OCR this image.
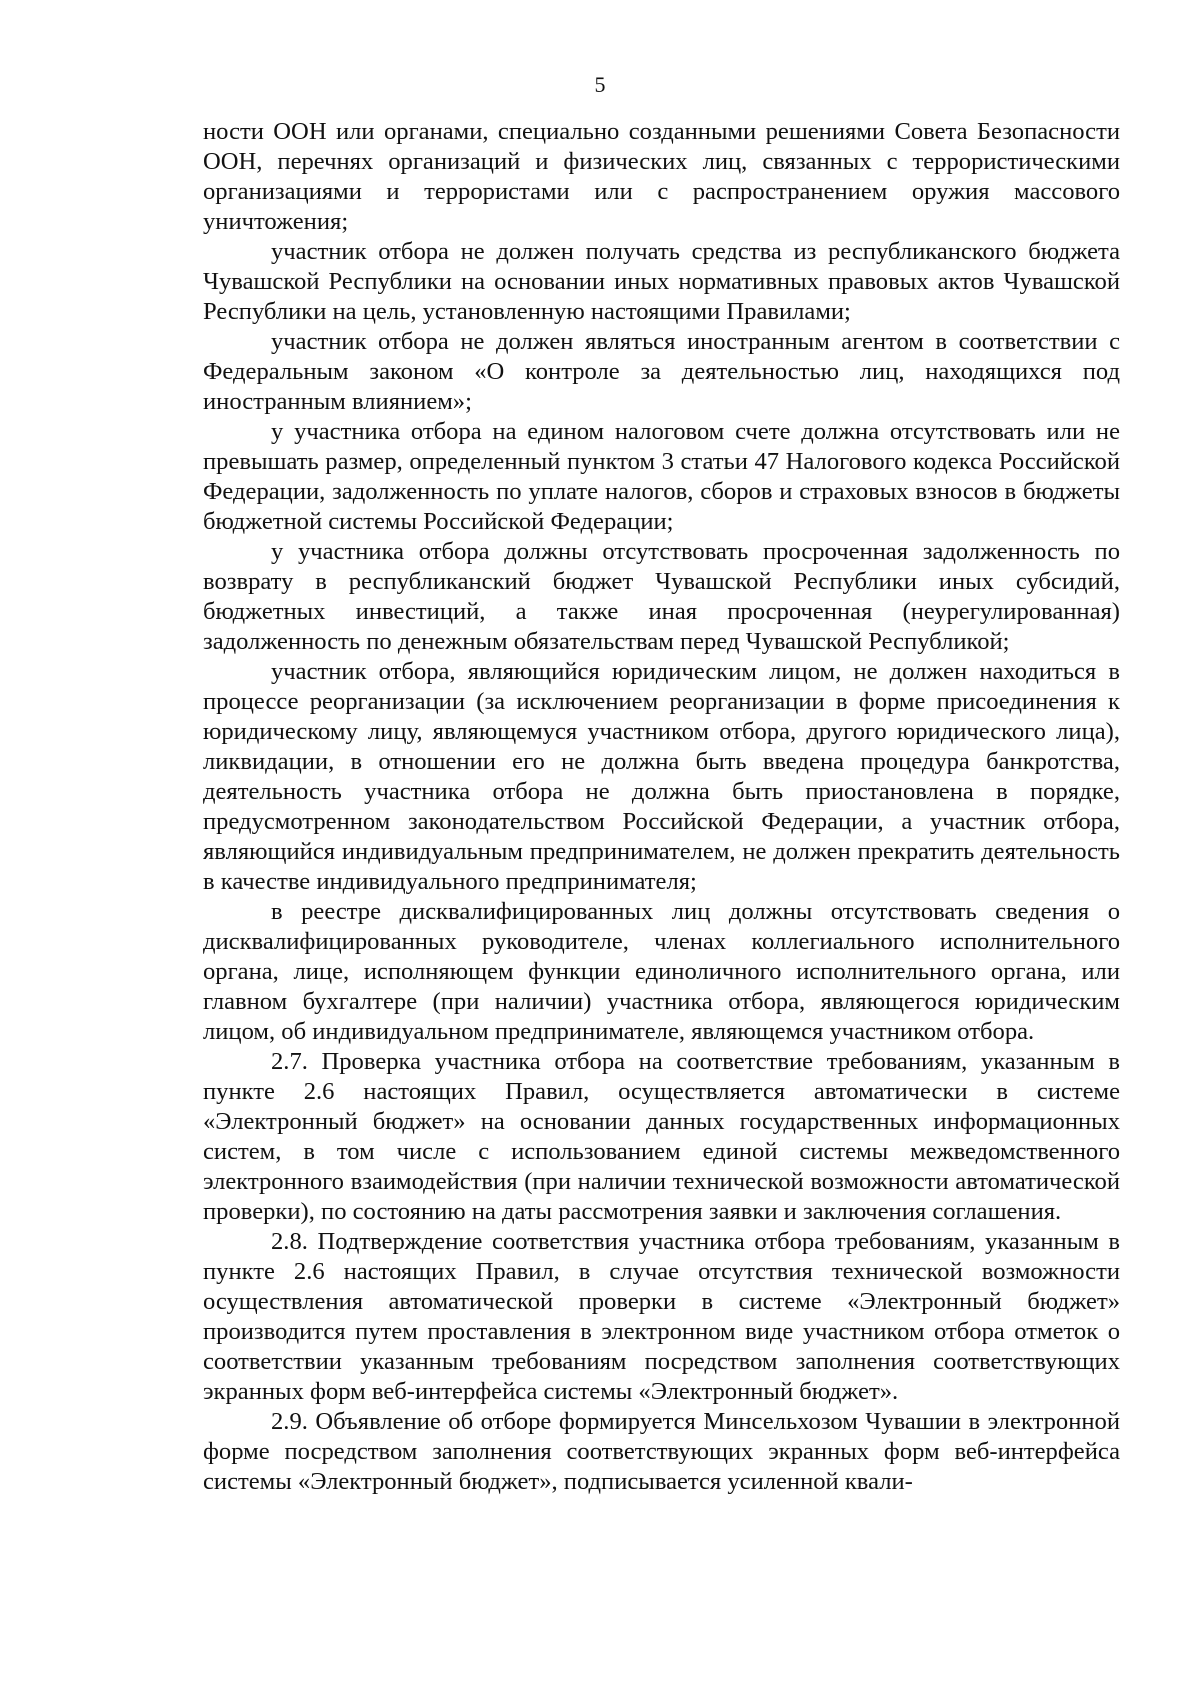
5

ности ООН или органами, специально созданными решениями Совета Безопасности ООН, перечнях организаций и физических лиц, связанных с террористическими организациями и террористами или с распространением оружия массового уничтожения;

участник отбора не должен получать средства из республиканского бюджета Чувашской Республики на основании иных нормативных правовых актов Чувашской Республики на цель, установленную настоящими Правилами;

участник отбора не должен являться иностранным агентом в соответствии с Федеральным законом «О контроле за деятельностью лиц, находящихся под иностранным влиянием»;

у участника отбора на едином налоговом счете должна отсутствовать или не превышать размер, определенный пунктом 3 статьи 47 Налогового кодекса Российской Федерации, задолженность по уплате налогов, сборов и страховых взносов в бюджеты бюджетной системы Российской Федерации;

у участника отбора должны отсутствовать просроченная задолженность по возврату в республиканский бюджет Чувашской Республики иных субсидий, бюджетных инвестиций, а также иная просроченная (неурегулированная) задолженность по денежным обязательствам перед Чувашской Республикой;

участник отбора, являющийся юридическим лицом, не должен находиться в процессе реорганизации (за исключением реорганизации в форме присоединения к юридическому лицу, являющемуся участником отбора, другого юридического лица), ликвидации, в отношении его не должна быть введена процедура банкротства, деятельность участника отбора не должна быть приостановлена в порядке, предусмотренном законодательством Российской Федерации, а участник отбора, являющийся индивидуальным предпринимателем, не должен прекратить деятельность в качестве индивидуального предпринимателя;

в реестре дисквалифицированных лиц должны отсутствовать сведения о дисквалифицированных руководителе, членах коллегиального исполнительного органа, лице, исполняющем функции единоличного исполнительного органа, или главном бухгалтере (при наличии) участника отбора, являющегося юридическим лицом, об индивидуальном предпринимателе, являющемся участником отбора.

2.7. Проверка участника отбора на соответствие требованиям, указанным в пункте 2.6 настоящих Правил, осуществляется автоматически в системе «Электронный бюджет» на основании данных государственных информационных систем, в том числе с использованием единой системы межведомственного электронного взаимодействия (при наличии технической возможности автоматической проверки), по состоянию на даты рассмотрения заявки и заключения соглашения.

2.8. Подтверждение соответствия участника отбора требованиям, указанным в пункте 2.6 настоящих Правил, в случае отсутствия технической возможности осуществления автоматической проверки в системе «Электронный бюджет» производится путем проставления в электронном виде участником отбора отметок о соответствии указанным требованиям посредством заполнения соответствующих экранных форм веб-интерфейса системы «Электронный бюджет».

2.9. Объявление об отборе формируется Минсельхозом Чувашии в электронной форме посредством заполнения соответствующих экранных форм веб-интерфейса системы «Электронный бюджет», подписывается усиленной квали-
